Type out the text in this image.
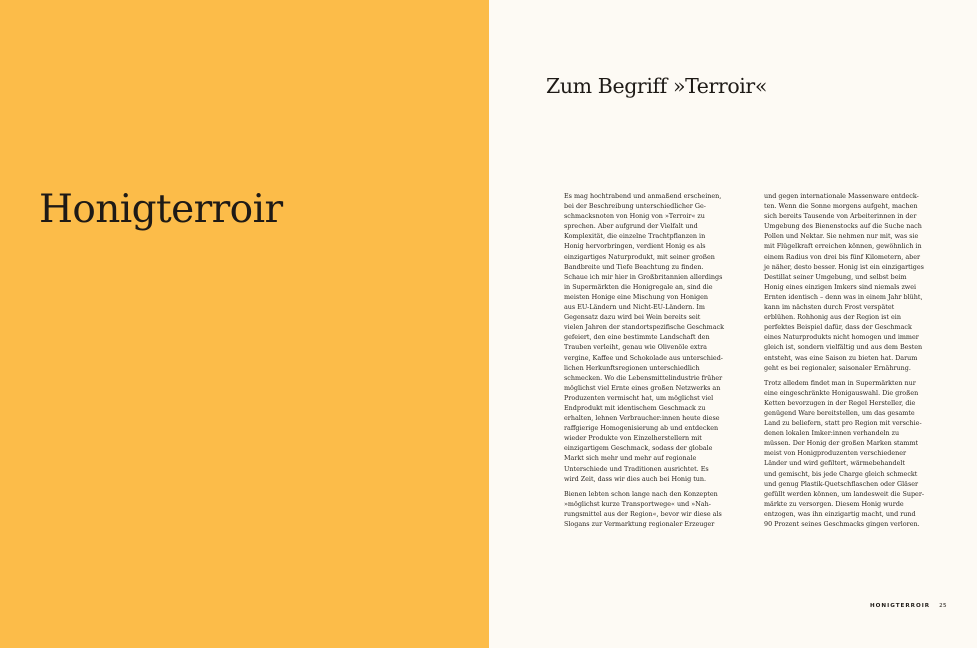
Honigterroir
Zum Begriff »Terroir«

Es mag hochtrabend und anmaßend erscheinen,
bei der Beschreibung unterschiedlicher Ge-
schmacksnoten von Honig von »Terroir« zu
sprechen. Aber aufgrund der Vielfalt und
Komplexität, die einzelne Trachtpflanzen in
Honig hervorbringen, verdient Honig es als
einzigartiges Naturprodukt, mit seiner großen
Bandbreite und Tiefe Beachtung zu finden.
Schaue ich mir hier in Großbritannien allerdings
in Supermärkten die Honigregale an, sind die
meisten Honige eine Mischung von Honigen
aus EU-Ländern und Nicht-EU-Ländern. Im
Gegensatz dazu wird bei Wein bereits seit
vielen Jahren der standortspezifische Geschmack
gefeiert, den eine bestimmte Landschaft den
Trauben verleiht, genau wie Olivenöle extra
vergine, Kaffee und Schokolade aus unterschied-
lichen Herkunftsregionen unterschiedlich
schmecken. Wo die Lebensmittelindustrie früher
möglichst viel Ernte eines großen Netzwerks an
Produzenten vermischt hat, um möglichst viel
Endprodukt mit identischem Geschmack zu
erhalten, lehnen Verbraucher:innen heute diese
raffgierige Homogenisierung ab und entdecken
wieder Produkte von Einzelherstellern mit
einzigartigem Geschmack, sodass der globale
Markt sich mehr und mehr auf regionale
Unterschiede und Traditionen ausrichtet. Es
wird Zeit, dass wir dies auch bei Honig tun.

Bienen lebten schon lange nach den Konzepten
»möglichst kurze Transportwege« und »Nah-
rungsmittel aus der Region«, bevor wir diese als
Slogans zur Vermarktung regionaler Erzeuger

und gegen internationale Massenware entdeck-
ten. Wenn die Sonne morgens aufgeht, machen
sich bereits Tausende von Arbeiterinnen in der
Umgebung des Bienenstocks auf die Suche nach
Pollen und Nektar. Sie nehmen nur mit, was sie
mit Flügelkraft erreichen können, gewöhnlich in
einem Radius von drei bis fünf Kilometern, aber
je näher, desto besser. Honig ist ein einzigartiges
Destillat seiner Umgebung, und selbst beim
Honig eines einzigen Imkers sind niemals zwei
Ernten identisch – denn was in einem Jahr blüht,
kann im nächsten durch Frost verspätet
erblühen. Rohhonig aus der Region ist ein
perfektes Beispiel dafür, dass der Geschmack
eines Naturprodukts nicht homogen und immer
gleich ist, sondern vielfältig und aus dem Besten
entsteht, was eine Saison zu bieten hat. Darum
geht es bei regionaler, saisonaler Ernährung.

Trotz alledem findet man in Supermärkten nur
eine eingeschränkte Honigauswahl. Die großen
Ketten bevorzugen in der Regel Hersteller, die
genügend Ware bereitstellen, um das gesamte
Land zu beliefern, statt pro Region mit verschie-
denen lokalen Imker:innen verhandeln zu
müssen. Der Honig der großen Marken stammt
meist von Honigproduzenten verschiedener
Länder und wird gefiltert, wärmebehandelt
und gemischt, bis jede Charge gleich schmeckt
und genug Plastik-Quetschflaschen oder Gläser
gefüllt werden können, um landesweit die Super-
märkte zu versorgen. Diesem Honig wurde
entzogen, was ihn einzigartig macht, und rund
90 Prozent seines Geschmacks gingen verloren.

HONIGTERROIR 25
